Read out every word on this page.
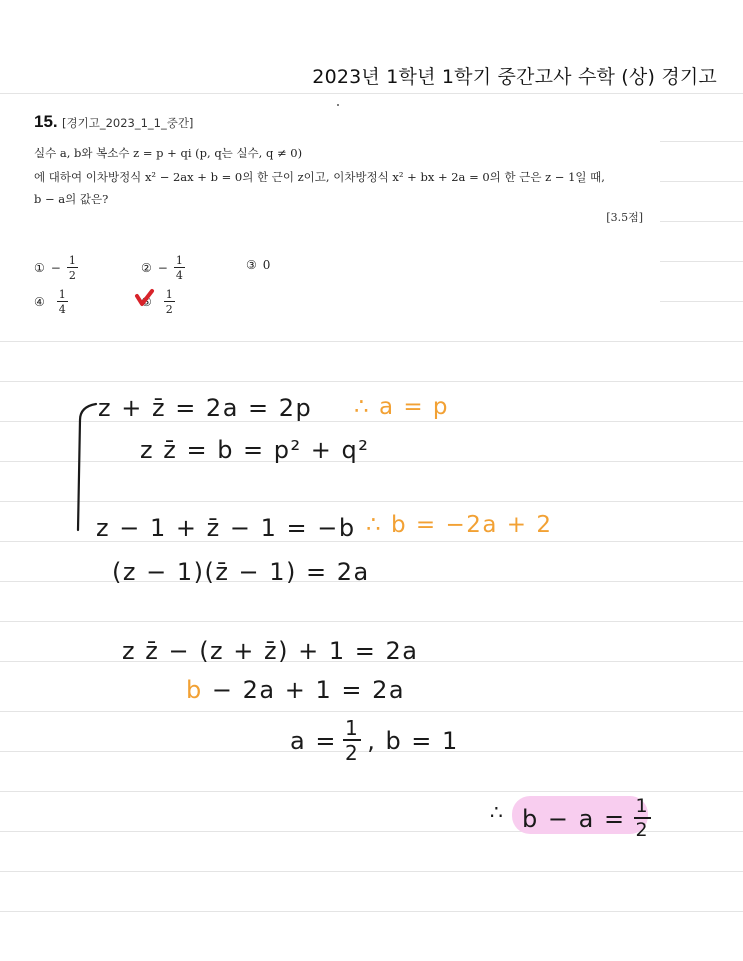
2023년 1학년 1학기 중간고사 수학 (상) 경기고
15. [경기고_2023_1_1_중간]
실수 a, b와 복소수 z = p + qi (p, q는 실수, q ≠ 0)
에 대하여 이차방정식 x² − 2ax + b = 0의 한 근이 z이고, 이차방정식 x² + bx + 2a = 0의 한 근은 z − 1일 때,
b − a의 값은?
[3.5점]
① − $\frac{1}{2}$	② − $\frac{1}{4}$	③ 0
④ $\frac{1}{4}$	⑤ $\frac{1}{2}$
z + z̄ = 2a = 2p ∴ a = p
z z̄ = b = p² + q²
z − 1 + z̄ − 1 = −b ∴ b = −2a + 2
(z − 1)(z̄ − 1) = 2a
z z̄ − (z + z̄) + 1 = 2a
b − 2a + 1 = 2a
$a = \frac{1}{2}$ , b = 1
∴ $b - a = \frac{1}{2}$
